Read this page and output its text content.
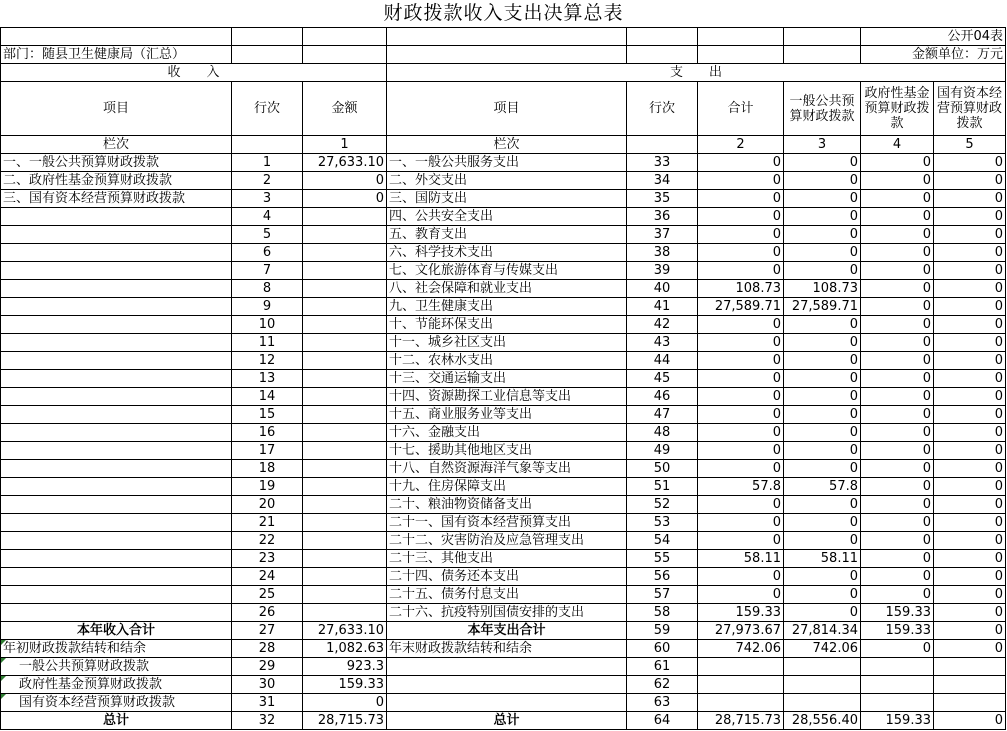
财政拨款收入支出决算总表
							公开04表	
部门：随县卫生健康局（汇总）							金额单位：万元	
收　　入			支　　出					
项目	行次	金额	项目	行次	合计	一般公共预算财政拨款	政府性基金预算财政拨款	国有资本经营预算财政拨款
栏次		1	栏次		2	3	4	5
一、一般公共预算财政拨款	1	27,633.10	一、一般公共服务支出	33	0	0	0	0
二、政府性基金预算财政拨款	2	0	二、外交支出	34	0	0	0	0
三、国有资本经营预算财政拨款	3	0	三、国防支出	35	0	0	0	0
	4		四、公共安全支出	36	0	0	0	0
	5		五、教育支出	37	0	0	0	0
	6		六、科学技术支出	38	0	0	0	0
	7		七、文化旅游体育与传媒支出	39	0	0	0	0
	8		八、社会保障和就业支出	40	108.73	108.73	0	0
	9		九、卫生健康支出	41	27,589.71	27,589.71	0	0
	10		十、节能环保支出	42	0	0	0	0
	11		十一、城乡社区支出	43	0	0	0	0
	12		十二、农林水支出	44	0	0	0	0
	13		十三、交通运输支出	45	0	0	0	0
	14		十四、资源勘探工业信息等支出	46	0	0	0	0
	15		十五、商业服务业等支出	47	0	0	0	0
	16		十六、金融支出	48	0	0	0	0
	17		十七、援助其他地区支出	49	0	0	0	0
	18		十八、自然资源海洋气象等支出	50	0	0	0	0
	19		十九、住房保障支出	51	57.8	57.8	0	0
	20		二十、粮油物资储备支出	52	0	0	0	0
	21		二十一、国有资本经营预算支出	53	0	0	0	0
	22		二十二、灾害防治及应急管理支出	54	0	0	0	0
	23		二十三、其他支出	55	58.11	58.11	0	0
	24		二十四、债务还本支出	56	0	0	0	0
	25		二十五、债务付息支出	57	0	0	0	0
	26		二十六、抗疫特别国债安排的支出	58	159.33	0	159.33	0
本年收入合计	27	27,633.10	本年支出合计	59	27,973.67	27,814.34	159.33	0
年初财政拨款结转和结余	28	1,082.63	年末财政拨款结转和结余	60	742.06	742.06	0	0
一般公共预算财政拨款	29	923.3		61				
政府性基金预算财政拨款	30	159.33		62				
国有资本经营预算财政拨款	31	0		63				
总计	32	28,715.73	总计	64	28,715.73	28,556.40	159.33	0
